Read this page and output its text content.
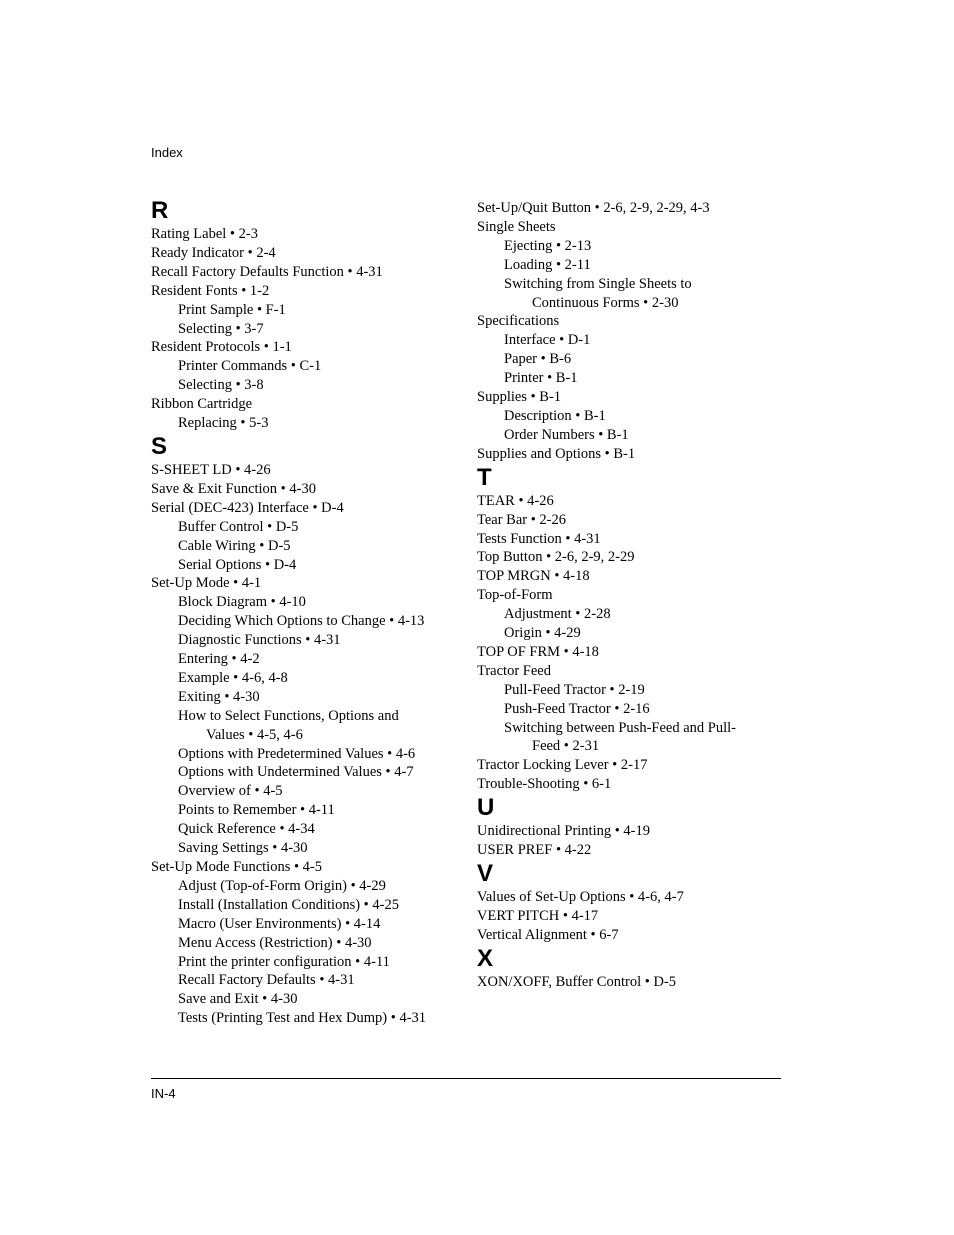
Index
R
Rating Label • 2-3
Ready Indicator • 2-4
Recall Factory Defaults Function • 4-31
Resident Fonts • 1-2
Print Sample • F-1
Selecting • 3-7
Resident Protocols • 1-1
Printer Commands • C-1
Selecting • 3-8
Ribbon Cartridge
Replacing • 5-3
S
S-SHEET LD • 4-26
Save & Exit Function • 4-30
Serial (DEC-423) Interface • D-4
Buffer Control • D-5
Cable Wiring • D-5
Serial Options • D-4
Set-Up Mode • 4-1
Block Diagram • 4-10
Deciding Which Options to Change • 4-13
Diagnostic Functions • 4-31
Entering • 4-2
Example • 4-6, 4-8
Exiting • 4-30
How to Select Functions, Options and
Values • 4-5, 4-6
Options with Predetermined Values • 4-6
Options with Undetermined Values • 4-7
Overview of • 4-5
Points to Remember • 4-11
Quick Reference • 4-34
Saving Settings • 4-30
Set-Up Mode Functions • 4-5
Adjust (Top-of-Form Origin) • 4-29
Install (Installation Conditions) • 4-25
Macro (User Environments) • 4-14
Menu Access (Restriction) • 4-30
Print the printer configuration • 4-11
Recall Factory Defaults • 4-31
Save and Exit • 4-30
Tests (Printing Test and Hex Dump) • 4-31
Set-Up/Quit Button • 2-6, 2-9, 2-29, 4-3
Single Sheets
Ejecting • 2-13
Loading • 2-11
Switching from Single Sheets to
Continuous Forms • 2-30
Specifications
Interface • D-1
Paper • B-6
Printer • B-1
Supplies • B-1
Description • B-1
Order Numbers • B-1
Supplies and Options • B-1
T
TEAR • 4-26
Tear Bar • 2-26
Tests Function • 4-31
Top Button • 2-6, 2-9, 2-29
TOP MRGN • 4-18
Top-of-Form
Adjustment • 2-28
Origin • 4-29
TOP OF FRM • 4-18
Tractor Feed
Pull-Feed Tractor • 2-19
Push-Feed Tractor • 2-16
Switching between Push-Feed and Pull-
Feed • 2-31
Tractor Locking Lever • 2-17
Trouble-Shooting • 6-1
U
Unidirectional Printing • 4-19
USER PREF • 4-22
V
Values of Set-Up Options • 4-6, 4-7
VERT PITCH • 4-17
Vertical Alignment • 6-7
X
XON/XOFF, Buffer Control • D-5
IN-4
